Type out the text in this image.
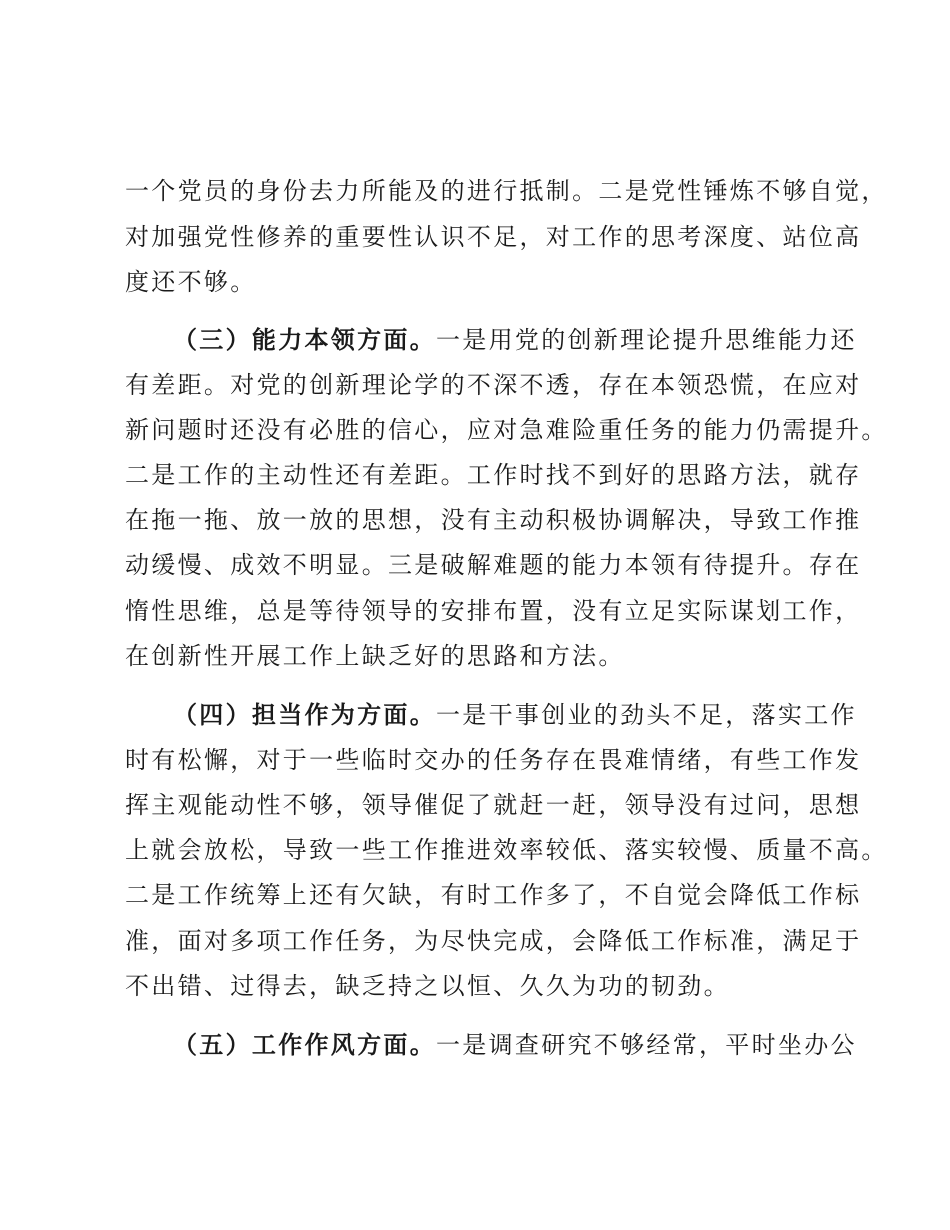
一个党员的身份去力所能及的进行抵制。二是党性锤炼不够自觉，
对加强党性修养的重要性认识不足，对工作的思考深度、站位高
度还不够。
（三）能力本领方面。一是用党的创新理论提升思维能力还
有差距。对党的创新理论学的不深不透，存在本领恐慌，在应对
新问题时还没有必胜的信心，应对急难险重任务的能力仍需提升。
二是工作的主动性还有差距。工作时找不到好的思路方法，就存
在拖一拖、放一放的思想，没有主动积极协调解决，导致工作推
动缓慢、成效不明显。三是破解难题的能力本领有待提升。存在
惰性思维，总是等待领导的安排布置，没有立足实际谋划工作，
在创新性开展工作上缺乏好的思路和方法。
（四）担当作为方面。一是干事创业的劲头不足，落实工作
时有松懈，对于一些临时交办的任务存在畏难情绪，有些工作发
挥主观能动性不够，领导催促了就赶一赶，领导没有过问，思想
上就会放松，导致一些工作推进效率较低、落实较慢、质量不高。
二是工作统筹上还有欠缺，有时工作多了，不自觉会降低工作标
准，面对多项工作任务，为尽快完成，会降低工作标准，满足于
不出错、过得去，缺乏持之以恒、久久为功的韧劲。
（五）工作作风方面。一是调查研究不够经常，平时坐办公
